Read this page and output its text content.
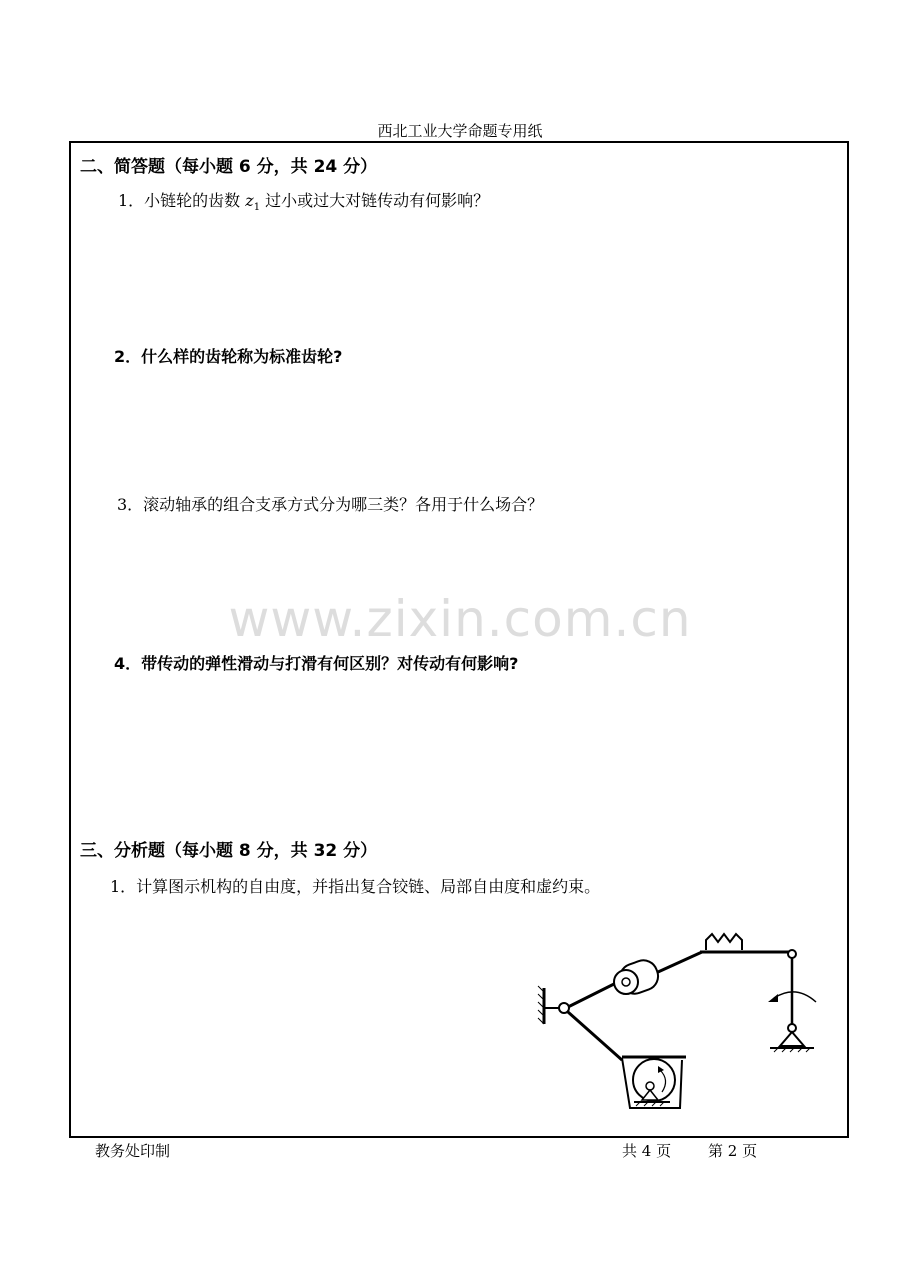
西北工业大学命题专用纸
二、简答题（每小题 6 分，共 24 分）
1．小链轮的齿数 $z_1$ 过小或过大对链传动有何影响？
2．什么样的齿轮称为标准齿轮?
3．滚动轴承的组合支承方式分为哪三类？各用于什么场合？
www.zixin.com.cn
4．带传动的弹性滑动与打滑有何区别？对传动有何影响?
三、分析题（每小题 8 分，共 32 分）
1．计算图示机构的自由度，并指出复合铰链、局部自由度和虚约束。
教务处印制	共 4 页 第 2 页
